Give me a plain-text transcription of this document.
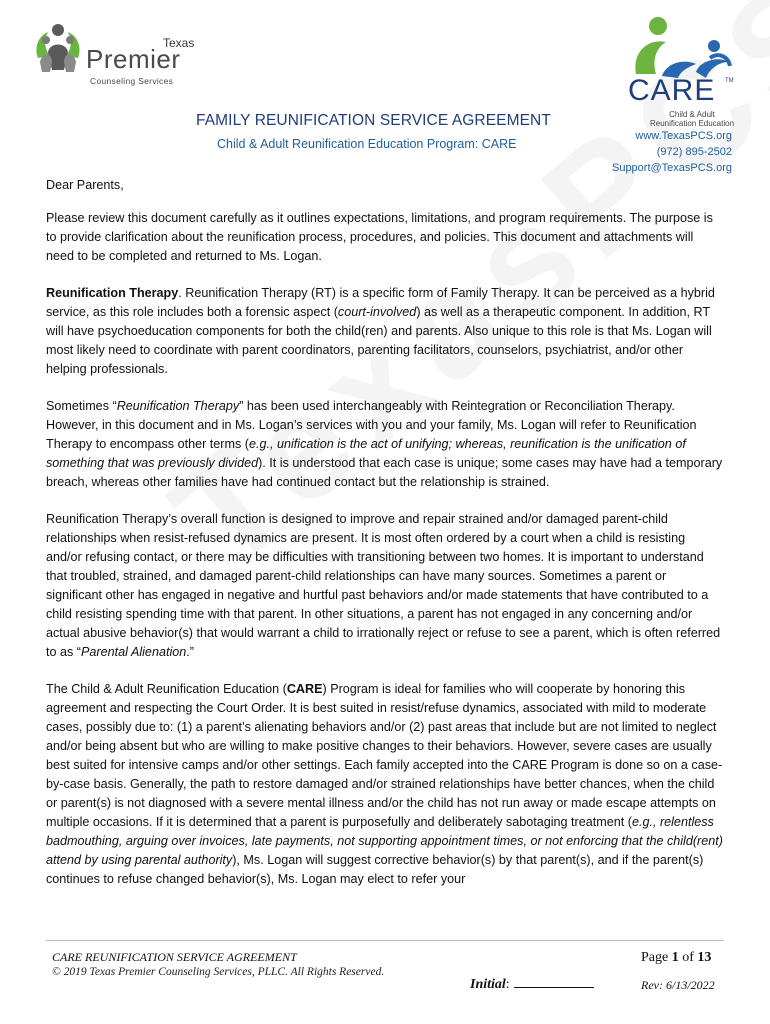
Texas
Premier
Counseling Services	CARE TM
Child & Adult
Reunification Education
www.TexasPCS.org
(972) 895-2502
Support@TexasPCS.org
FAMILY REUNIFICATION SERVICE AGREEMENT
Child & Adult Reunification Education Program: CARE

Dear Parents,

Please review this document carefully as it outlines expectations, limitations, and program requirements. The purpose is to provide clarification about the reunification process, procedures, and policies. This document and attachments will need to be completed and returned to Ms. Logan.

Reunification Therapy. Reunification Therapy (RT) is a specific form of Family Therapy. It can be perceived as a hybrid service, as this role includes both a forensic aspect (court-involved) as well as a therapeutic component. In addition, RT will have psychoeducation components for both the child(ren) and parents. Also unique to this role is that Ms. Logan will most likely need to coordinate with parent coordinators, parenting facilitators, counselors, psychiatrist, and/or other helping professionals.

Sometimes “Reunification Therapy” has been used interchangeably with Reintegration or Reconciliation Therapy. However, in this document and in Ms. Logan’s services with you and your family, Ms. Logan will refer to Reunification Therapy to encompass other terms (e.g., unification is the act of unifying; whereas, reunification is the unification of something that was previously divided). It is understood that each case is unique; some cases may have had a temporary breach, whereas other families have had continued contact but the relationship is strained.

Reunification Therapy’s overall function is designed to improve and repair strained and/or damaged parent-child relationships when resist-refused dynamics are present. It is most often ordered by a court when a child is resisting and/or refusing contact, or there may be difficulties with transitioning between two homes. It is important to understand that troubled, strained, and damaged parent-child relationships can have many sources. Sometimes a parent or significant other has engaged in negative and hurtful past behaviors and/or made statements that have contributed to a child resisting spending time with that parent. In other situations, a parent has not engaged in any concerning and/or actual abusive behavior(s) that would warrant a child to irrationally reject or refuse to see a parent, which is often referred to as “Parental Alienation.”

The Child & Adult Reunification Education (CARE) Program is ideal for families who will cooperate by honoring this agreement and respecting the Court Order. It is best suited in resist/refuse dynamics, associated with mild to moderate cases, possibly due to: (1) a parent’s alienating behaviors and/or (2) past areas that include but are not limited to neglect and/or being absent but who are willing to make positive changes to their behaviors. However, severe cases are usually best suited for intensive camps and/or other settings. Each family accepted into the CARE Program is done so on a case-by-case basis. Generally, the path to restore damaged and/or strained relationships have better chances, when the child or parent(s) is not diagnosed with a severe mental illness and/or the child has not run away or made escape attempts on multiple occasions. If it is determined that a parent is purposefully and deliberately sabotaging treatment (e.g., relentless badmouthing, arguing over invoices, late payments, not supporting appointment times, or not enforcing that the child(rent) attend by using parental authority), Ms. Logan will suggest corrective behavior(s) by that parent(s), and if the parent(s) continues to refuse changed behavior(s), Ms. Logan may elect to refer your

CARE REUNIFICATION SERVICE AGREEMENT
© 2019 Texas Premier Counseling Services, PLLC. All Rights Reserved.
Page 1 of 13
Initial:	Rev: 6/13/2022
